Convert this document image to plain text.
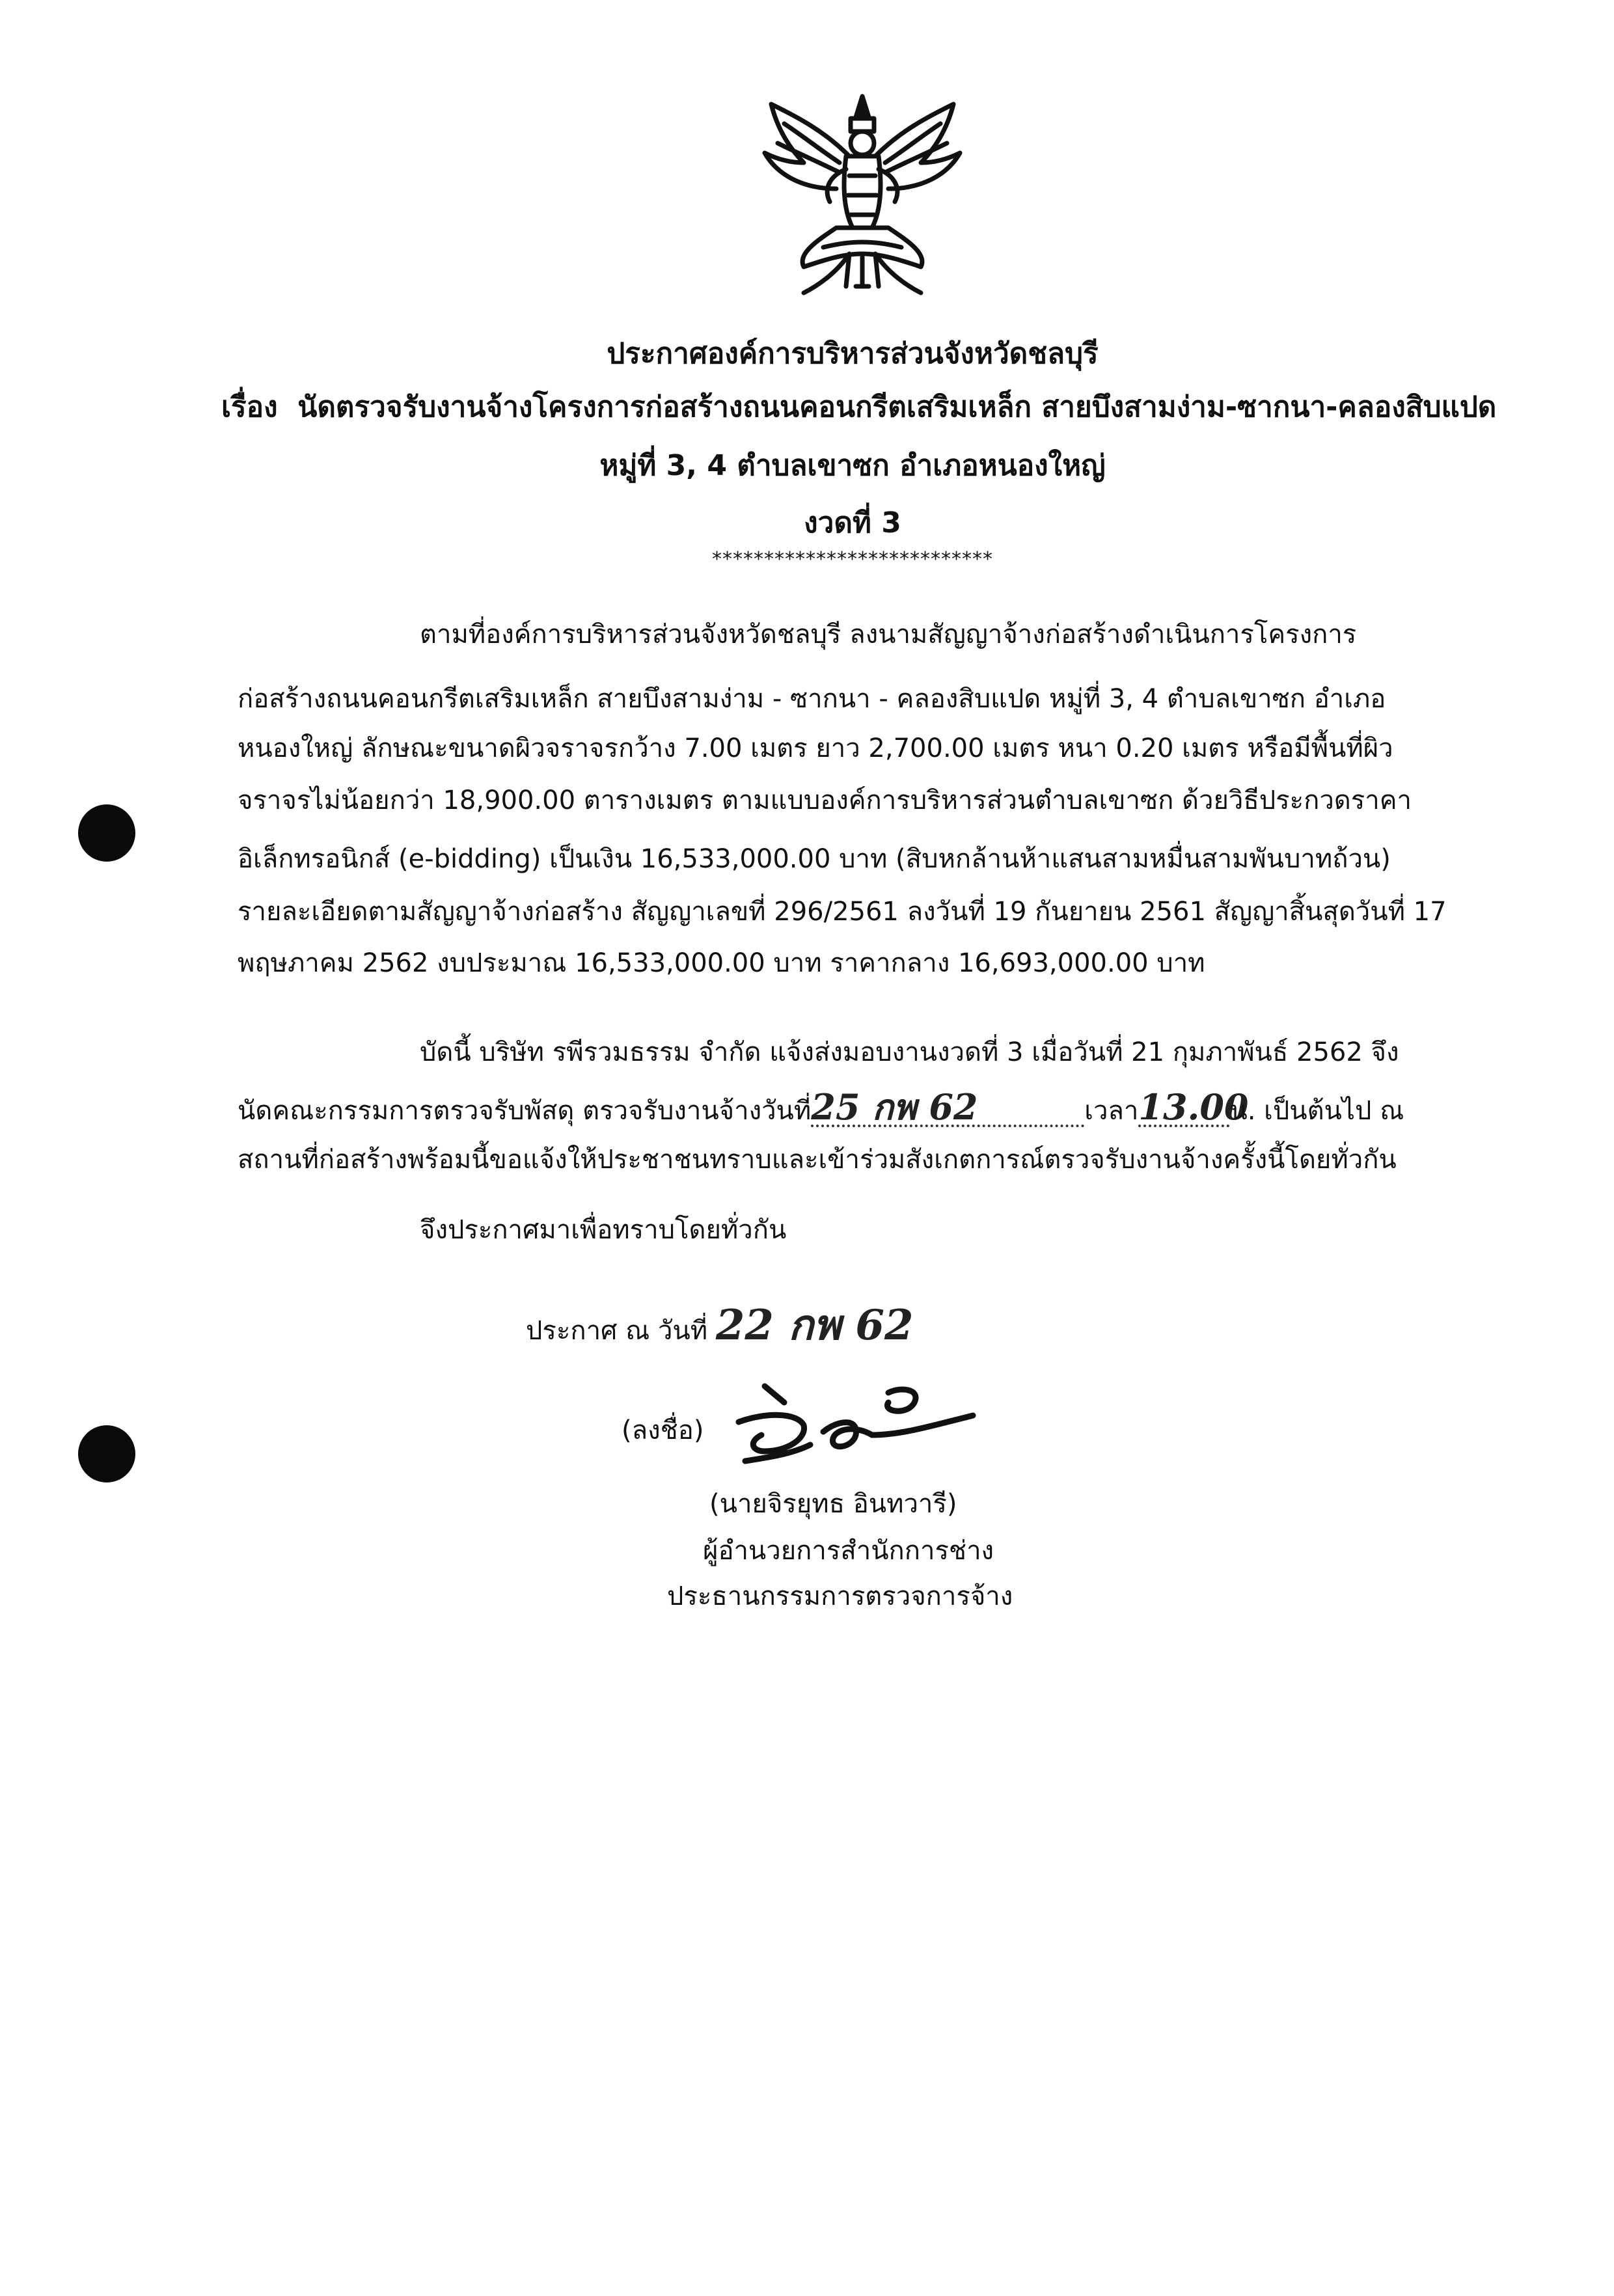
ประกาศองค์การบริหารส่วนจังหวัดชลบุรี
เรื่อง นัดตรวจรับงานจ้างโครงการก่อสร้างถนนคอนกรีตเสริมเหล็ก สายบึงสามง่าม-ซากนา-คลองสิบแปด
หมู่ที่ 3, 4 ตำบลเขาซก อำเภอหนองใหญ่
งวดที่ 3
***************************
ตามที่องค์การบริหารส่วนจังหวัดชลบุรี ลงนามสัญญาจ้างก่อสร้างดำเนินการโครงการ
ก่อสร้างถนนคอนกรีตเสริมเหล็ก สายบึงสามง่าม - ซากนา - คลองสิบแปด หมู่ที่ 3, 4 ตำบลเขาซก อำเภอ
หนองใหญ่ ลักษณะขนาดผิวจราจรกว้าง 7.00 เมตร ยาว 2,700.00 เมตร หนา 0.20 เมตร หรือมีพื้นที่ผิว
จราจรไม่น้อยกว่า 18,900.00 ตารางเมตร ตามแบบองค์การบริหารส่วนตำบลเขาซก ด้วยวิธีประกวดราคา
อิเล็กทรอนิกส์ (e-bidding) เป็นเงิน 16,533,000.00 บาท (สิบหกล้านห้าแสนสามหมื่นสามพันบาทถ้วน)
รายละเอียดตามสัญญาจ้างก่อสร้าง สัญญาเลขที่ 296/2561 ลงวันที่ 19 กันยายน 2561 สัญญาสิ้นสุดวันที่ 17
พฤษภาคม 2562 งบประมาณ 16,533,000.00 บาท ราคากลาง 16,693,000.00 บาท
บัดนี้ บริษัท รพีรวมธรรม จำกัด แจ้งส่งมอบงานงวดที่ 3 เมื่อวันที่ 21 กุมภาพันธ์ 2562 จึง
นัดคณะกรรมการตรวจรับพัสดุ ตรวจรับงานจ้างวันที่25 กพ 62	เวลา13.00น. เป็นต้นไป ณ
สถานที่ก่อสร้างพร้อมนี้ขอแจ้งให้ประชาชนทราบและเข้าร่วมสังเกตการณ์ตรวจรับงานจ้างครั้งนี้โดยทั่วกัน
จึงประกาศมาเพื่อทราบโดยทั่วกัน
ประกาศ ณ วันที่ 22 กพ 62
(ลงชื่อ)
(นายจิรยุทธ อินทวารี)
ผู้อำนวยการสำนักการช่าง
ประธานกรรมการตรวจการจ้าง
